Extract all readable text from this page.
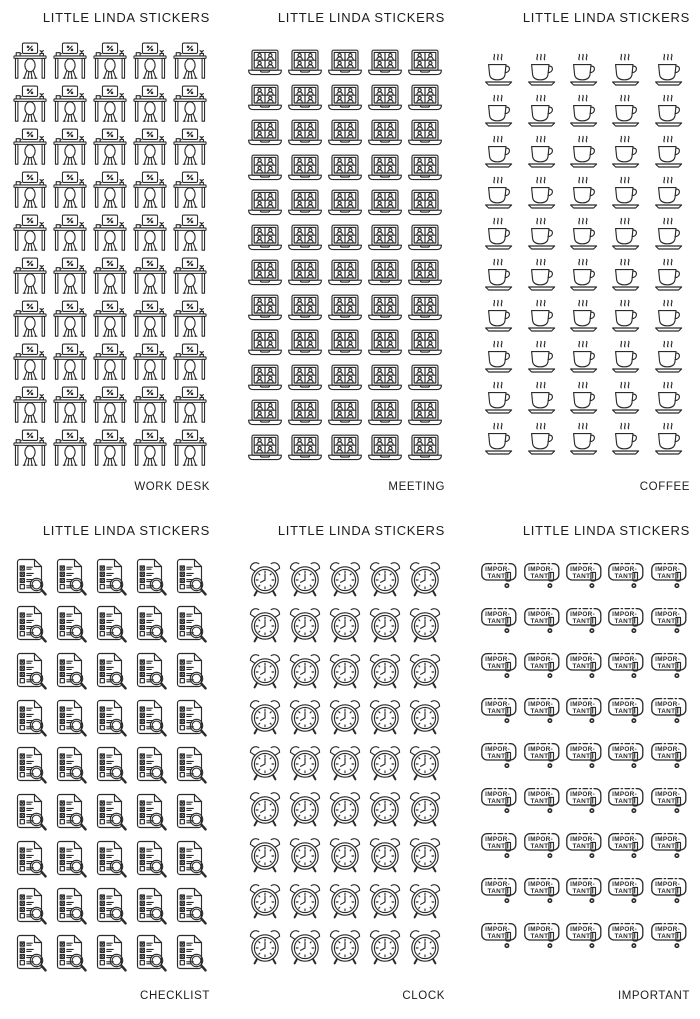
LITTLE LINDA STICKERS
WORK DESK
LITTLE LINDA STICKERS
MEETING
LITTLE LINDA STICKERS
COFFEE
LITTLE LINDA STICKERS
CHECKLIST
LITTLE LINDA STICKERS
CLOCK
LITTLE LINDA STICKERS
IMPOR-
TANT
IMPOR-
TANT
IMPOR-
TANT
IMPOR-
TANT
IMPOR-
TANT
IMPOR-
TANT
IMPOR-
TANT
IMPOR-
TANT
IMPOR-
TANT
IMPOR-
TANT
IMPOR-
TANT
IMPOR-
TANT
IMPOR-
TANT
IMPOR-
TANT
IMPOR-
TANT
IMPOR-
TANT
IMPOR-
TANT
IMPOR-
TANT
IMPOR-
TANT
IMPOR-
TANT
IMPOR-
TANT
IMPOR-
TANT
IMPOR-
TANT
IMPOR-
TANT
IMPOR-
TANT
IMPOR-
TANT
IMPOR-
TANT
IMPOR-
TANT
IMPOR-
TANT
IMPOR-
TANT
IMPOR-
TANT
IMPOR-
TANT
IMPOR-
TANT
IMPOR-
TANT
IMPOR-
TANT
IMPOR-
TANT
IMPOR-
TANT
IMPOR-
TANT
IMPOR-
TANT
IMPOR-
TANT
IMPOR-
TANT
IMPOR-
TANT
IMPOR-
TANT
IMPOR-
TANT
IMPOR-
TANT
IMPORTANT
